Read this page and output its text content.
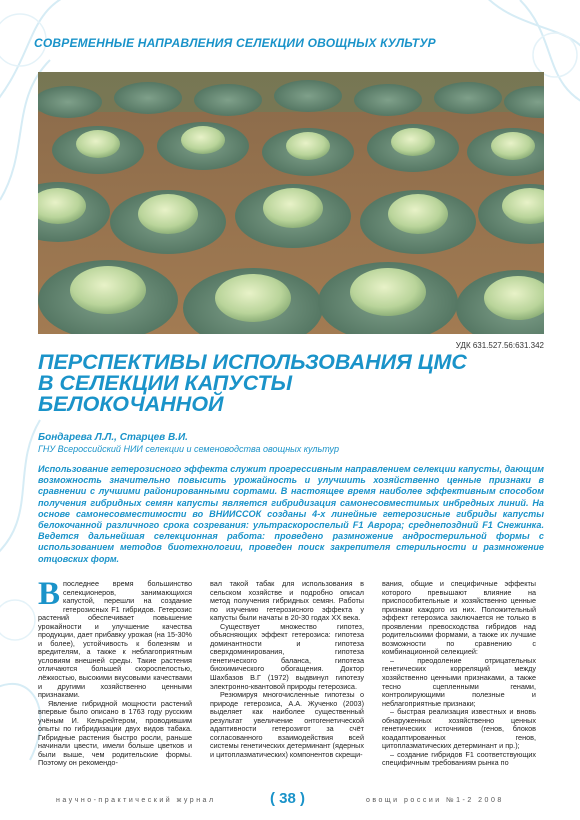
СОВРЕМЕННЫЕ НАПРАВЛЕНИЯ СЕЛЕКЦИИ ОВОЩНЫХ КУЛЬТУР
УДК 631.527.56:631.342
ПЕРСПЕКТИВЫ ИСПОЛЬЗОВАНИЯ ЦМС В СЕЛЕКЦИИ КАПУСТЫ БЕЛОКОЧАННОЙ
Бондарева Л.Л., Старцев В.И.
ГНУ Всероссийский НИИ селекции и семеноводства овощных культур

Использование гетерозисного эффекта служит прогрессивным направлением селекции капусты, дающим возможность значительно повысить урожайность и улучшить хозяйственно ценные признаки в сравнении с лучшими районированными сортами. В настоящее время наиболее эффективным способом получения гибридных семян капусты является гибридизация самонесовместимых инбредных линий. На основе самонесовместимости во ВНИИССОК созданы 4-х линейные гетерозисные гибриды капусты белокочанной различного срока созревания: ультраскороспелый F1 Аврора; среднепоздний F1 Снежинка. Ведется дальнейшая селекционная работа: проведено размножение андростерильной формы с использованием методов биотехнологии, проведен поиск закрепителя стерильности и размножение отцовских форм.

Впоследнее время большинство селекционеров, занимающихся капустой, перешли на создание гетерозисных F1 гибридов. Гетерозис растений обеспечивает повышение урожайности и улучшение качества продукции, дает прибавку урожая (на 15-30% и более), устойчивость к болезням и вредителям, а также к неблагоприятным условиям внешней среды. Такие растения отличаются большей скороспелостью, лёжкостью, высокими вкусовыми качествами и другими хозяйственно ценными признаками.

Явление гибридной мощности растений впервые было описано в 1763 году русским учёным И. Кельрейтером, проводившим опыты по гибридизации двух видов табака. Гибридные растения быстро росли, раньше начинали цвести, имели больше цветков и были выше, чем родительские формы. Поэтому он рекомендо-

вал такой табак для использования в сельском хозяйстве и подробно описал метод получения гибридных семян. Работы по изучению гетерозисного эффекта у капусты были начаты в 20-30 годах XX века.

Существует множество гипотез, объясняющих эффект гетерозиса: гипотеза доминантности и гипотеза сверхдоминирования, гипотеза генетического баланса, гипотеза биохимического обогащения. Доктор Шахбазов В.Г (1972) выдвинул гипотезу электронно-квантовой природы гетерозиса.

Резюмируя многочисленные гипотезы о природе гетерозиса, А.А. Жученко (2003) выделяет как наиболее существенный результат увеличение онтогенетической адаптивности гетерозигот за счёт согласованного взаимодействия всей системы генетических детерминант (ядерных и цитоплазматических) компонентов скрещи-

вания, общие и специфичные эффекты которого превышают влияние на приспособительные и хозяйственно ценные признаки каждого из них. Положительный эффект гетерозиса заключается не только в проявлении превосходства гибридов над родительскими формами, а также их лучшие возможности по сравнению с комбинационной селекцией:

– преодоление отрицательных генетических корреляций между хозяйственно ценными признаками, а также тесно сцепленными генами, контролирующими полезные и неблагоприятные признаки;

– быстрая реализация известных и вновь обнаруженных хозяйственно ценных генетических источников (генов, блоков коадаптированных генов, цитоплазматических детерминант и пр.);

– создание гибридов F1 соответствующих специфичным требованиям рынка по

научно-практический журнал	( 38 )	овощи россии №1-2 2008
